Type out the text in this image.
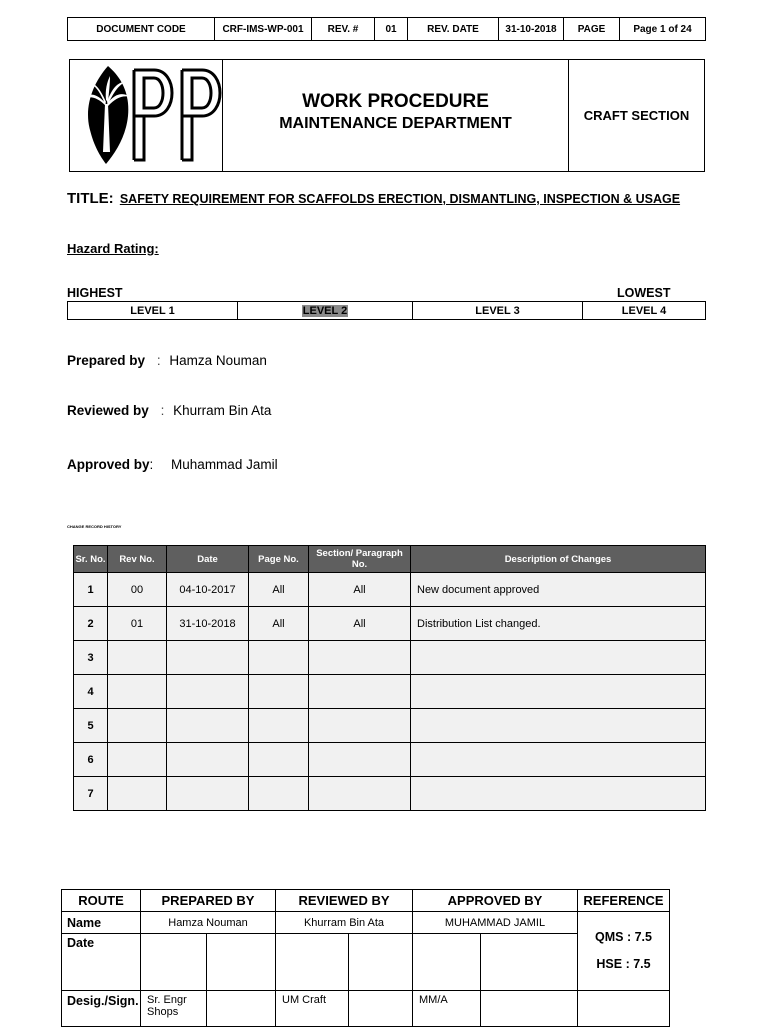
DOCUMENT CODE	CRF-IMS-WP-001	REV. #	01	REV. DATE	31-10-2018	PAGE	Page 1 of 24
WORK PROCEDURE
MAINTENANCE DEPARTMENT	CRAFT SECTION
TITLE: SAFETY REQUIREMENT FOR SCAFFOLDS ERECTION, DISMANTLING, INSPECTION & USAGE
Hazard Rating:
HIGHEST	LOWEST
LEVEL 1	LEVEL 2	LEVEL 3	LEVEL 4
Prepared by : Hamza Nouman
Reviewed by : Khurram Bin Ata
Approved by: Muhammad Jamil
CHANGE RECORD HISTORY
Sr. No.	Rev No.	Date	Page No.	Section/ Paragraph No.	Description of Changes
1	00	04-10-2017	All	All	New document approved
2	01	31-10-2018	All	All	Distribution List changed.
3					
4					
5					
6					
7					
ROUTE	PREPARED BY		REVIEWED BY		APPROVED BY		REFERENCE
Name	Hamza Nouman		Khurram Bin Ata		MUHAMMAD JAMIL		QMS : 7.5
HSE : 7.5

Date							
Desig./Sign.	Sr. Engr Shops		UM Craft		MM/A		
